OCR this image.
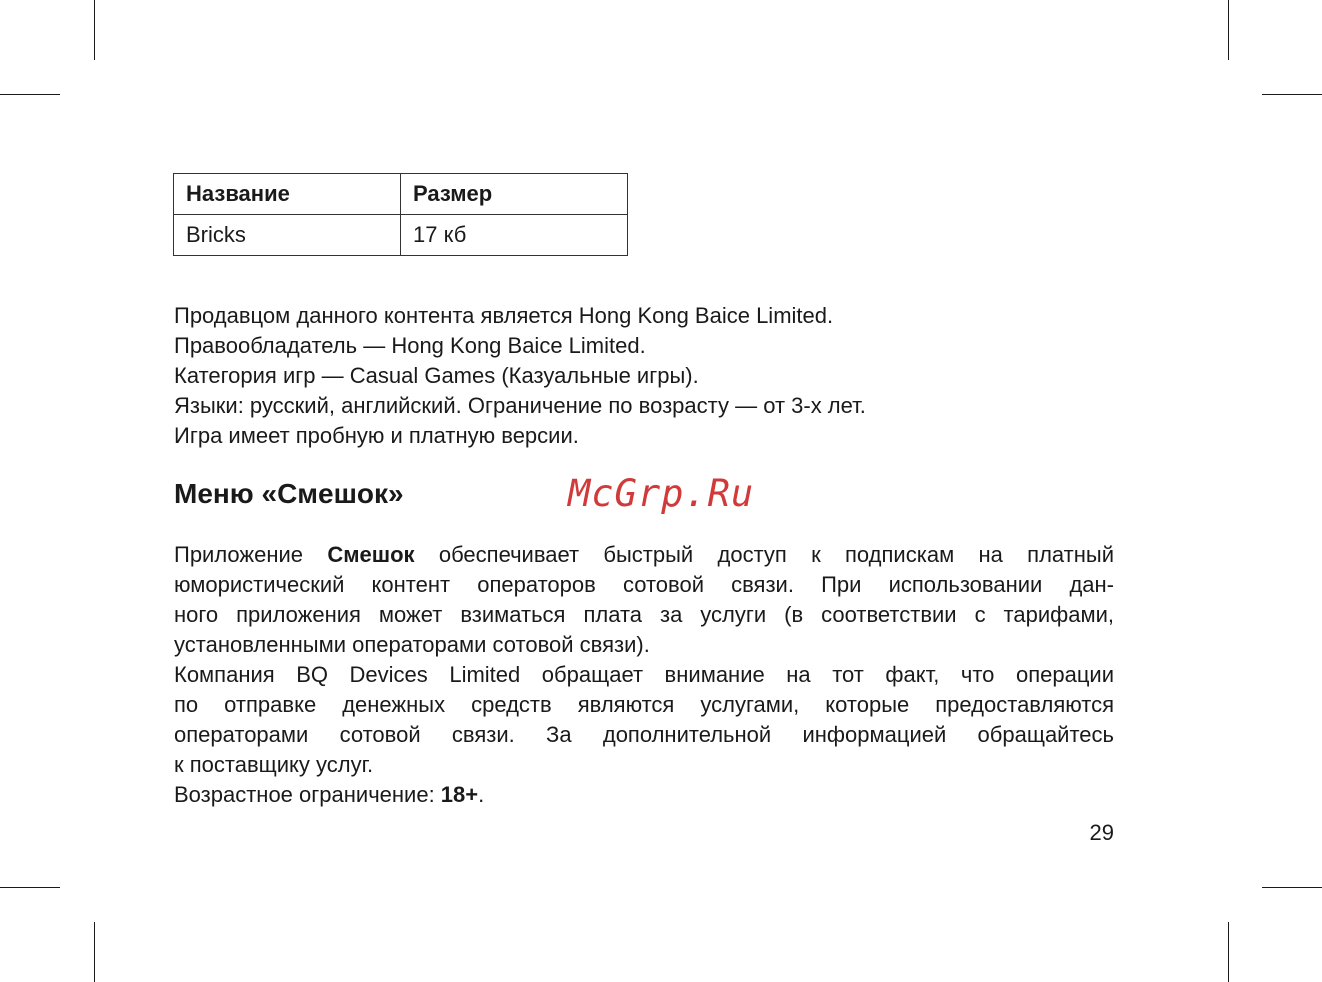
Название	Размер
Bricks	17 кб
Продавцом данного контента является Hong Kong Baice Limited.
Правообладатель — Hong Kong Baice Limited.
Категория игр — Casual Games (Казуальные игры).
Языки: русский, английский. Ограничение по возрасту — от 3-х лет.
Игра имеет пробную и платную версии.
Меню «Смешок»	McGrp.Ru
Приложение Смешок обеспечивает быстрый доступ к подпискам на платный
юмористический контент операторов сотовой связи. При использовании дан-
ного приложения может взиматься плата за услуги (в соответствии с тарифами,
установленными операторами сотовой связи).
Компания BQ Devices Limited обращает внимание на тот факт, что операции
по отправке денежных средств являются услугами, которые предоставляются
операторами сотовой связи. За дополнительной информацией обращайтесь
к поставщику услуг.
Возрастное ограничение: 18+.
29
